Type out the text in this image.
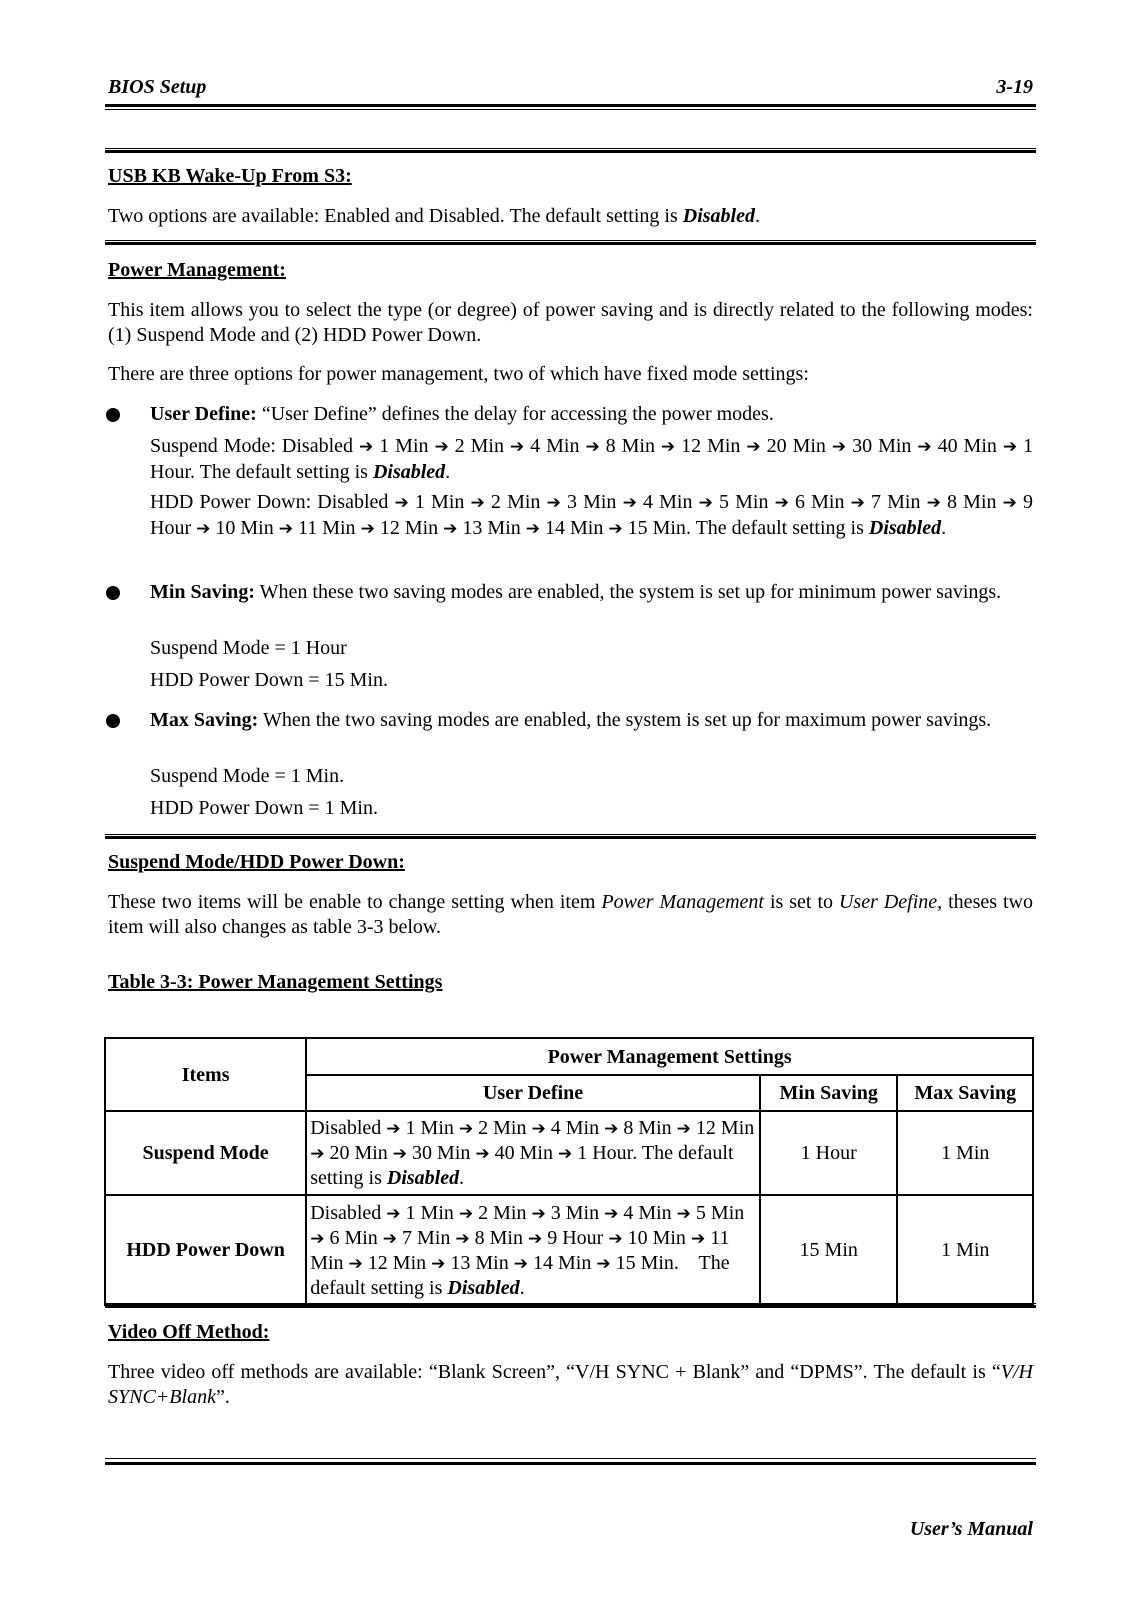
BIOS Setup	3-19
USB KB Wake-Up From S3:
Two options are available: Enabled and Disabled. The default setting is Disabled.
Power Management:
This item allows you to select the type (or degree) of power saving and is directly related to the following modes: (1) Suspend Mode and (2) HDD Power Down.
There are three options for power management, two of which have fixed mode settings:
User Define: “User Define” defines the delay for accessing the power modes.
Suspend Mode: Disabled ➔ 1 Min ➔ 2 Min ➔ 4 Min ➔ 8 Min ➔ 12 Min ➔ 20 Min ➔ 30 Min ➔ 40 Min ➔ 1 Hour. The default setting is Disabled.
HDD Power Down: Disabled ➔ 1 Min ➔ 2 Min ➔ 3 Min ➔ 4 Min ➔ 5 Min ➔ 6 Min ➔ 7 Min ➔ 8 Min ➔ 9 Hour ➔ 10 Min ➔ 11 Min ➔ 12 Min ➔ 13 Min ➔ 14 Min ➔ 15 Min. The default setting is Disabled.
Min Saving: When these two saving modes are enabled, the system is set up for minimum power savings.
Suspend Mode = 1 Hour
HDD Power Down = 15 Min.
Max Saving: When the two saving modes are enabled, the system is set up for maximum power savings.
Suspend Mode = 1 Min.
HDD Power Down = 1 Min.
Suspend Mode/HDD Power Down:
These two items will be enable to change setting when item Power Management is set to User Define, theses two item will also changes as table 3-3 below.
Table 3-3: Power Management Settings
Items	Power Management Settings		
	User Define	Min Saving	Max Saving
Suspend Mode	Disabled ➔ 1 Min ➔ 2 Min ➔ 4 Min ➔ 8 Min ➔ 12 Min ➔ 20 Min ➔ 30 Min ➔ 40 Min ➔ 1 Hour. The default setting is Disabled.	1 Hour	1 Min
HDD Power Down	Disabled ➔ 1 Min ➔ 2 Min ➔ 3 Min ➔ 4 Min ➔ 5 Min ➔ 6 Min ➔ 7 Min ➔ 8 Min ➔ 9 Hour ➔ 10 Min ➔ 11 Min ➔ 12 Min ➔ 13 Min ➔ 14 Min ➔ 15 Min.    The default setting is Disabled.	15 Min	1 Min
Video Off Method:
Three video off methods are available: “Blank Screen”, “V/H SYNC + Blank” and “DPMS”. The default is “V/H SYNC+Blank”.
User’s Manual
